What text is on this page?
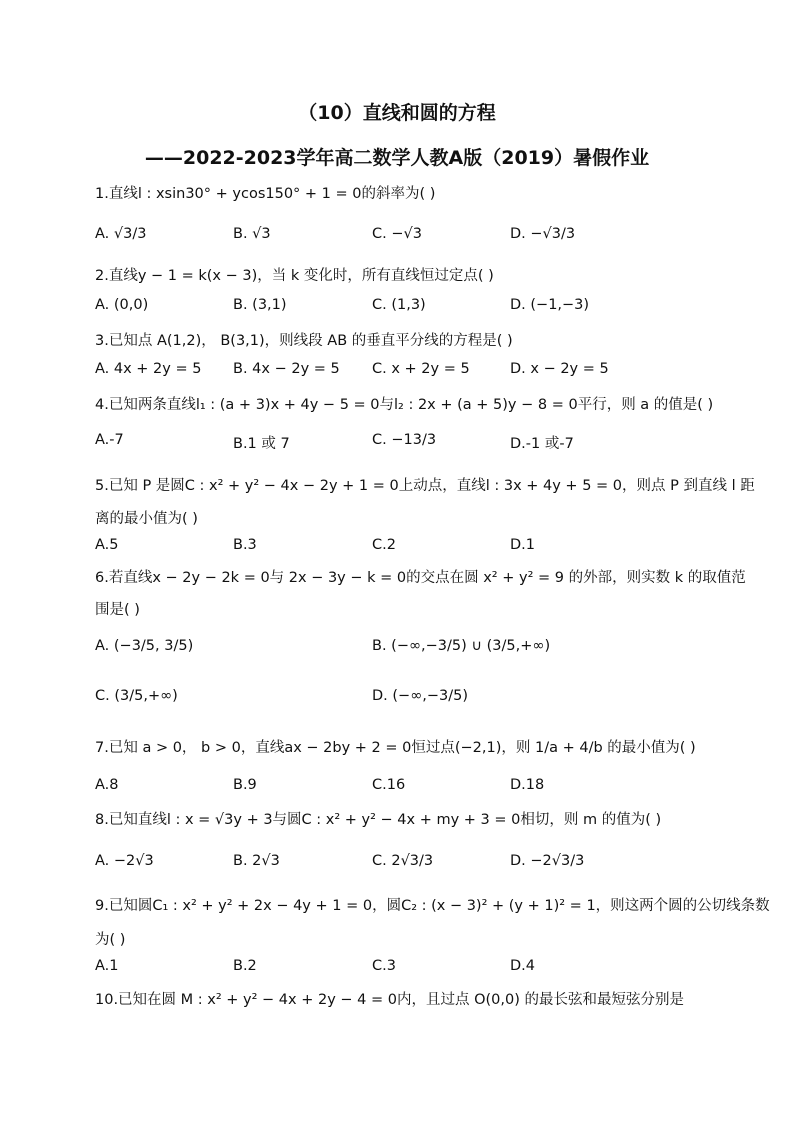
（10）直线和圆的方程
——2022-2023学年高二数学人教A版（2019）暑假作业
1.直线l : xsin30° + ycos150° + 1 = 0的斜率为( )
A. √3/3	B. √3	C. −√3	D. −√3/3
2.直线y − 1 = k(x − 3)，当 k 变化时，所有直线恒过定点( )
A. (0,0)	B. (3,1)	C. (1,3)	D. (−1,−3)
3.已知点 A(1,2)， B(3,1)，则线段 AB 的垂直平分线的方程是( )
A. 4x + 2y = 5 B. 4x − 2y = 5 C. x + 2y = 5	D. x − 2y = 5
4.已知两条直线l₁ : (a + 3)x + 4y − 5 = 0与l₂ : 2x + (a + 5)y − 8 = 0平行，则 a 的值是( )
A.-7	B.1 或 7	C. −13/3	D.-1 或-7
5.已知 P 是圆C : x² + y² − 4x − 2y + 1 = 0上动点，直线l : 3x + 4y + 5 = 0，则点 P 到直线 l 距
离的最小值为( )
A.5	B.3	C.2	D.1
6.若直线x − 2y − 2k = 0与 2x − 3y − k = 0的交点在圆 x² + y² = 9 的外部，则实数 k 的取值范
围是( )
A. (−3/5, 3/5)	B. (−∞,−3/5) ∪ (3/5,+∞)
C. (3/5,+∞)	D. (−∞,−3/5)
7.已知 a > 0， b > 0，直线ax − 2by + 2 = 0恒过点(−2,1)，则 1/a + 4/b 的最小值为( )
A.8	B.9	C.16	D.18
8.已知直线l : x = √3y + 3与圆C : x² + y² − 4x + my + 3 = 0相切，则 m 的值为( )
A. −2√3	B. 2√3	C. 2√3/3	D. −2√3/3
9.已知圆C₁ : x² + y² + 2x − 4y + 1 = 0，圆C₂ : (x − 3)² + (y + 1)² = 1，则这两个圆的公切线条数
为( )
A.1	B.2	C.3	D.4
10.已知在圆 M : x² + y² − 4x + 2y − 4 = 0内，且过点 O(0,0) 的最长弦和最短弦分别是
